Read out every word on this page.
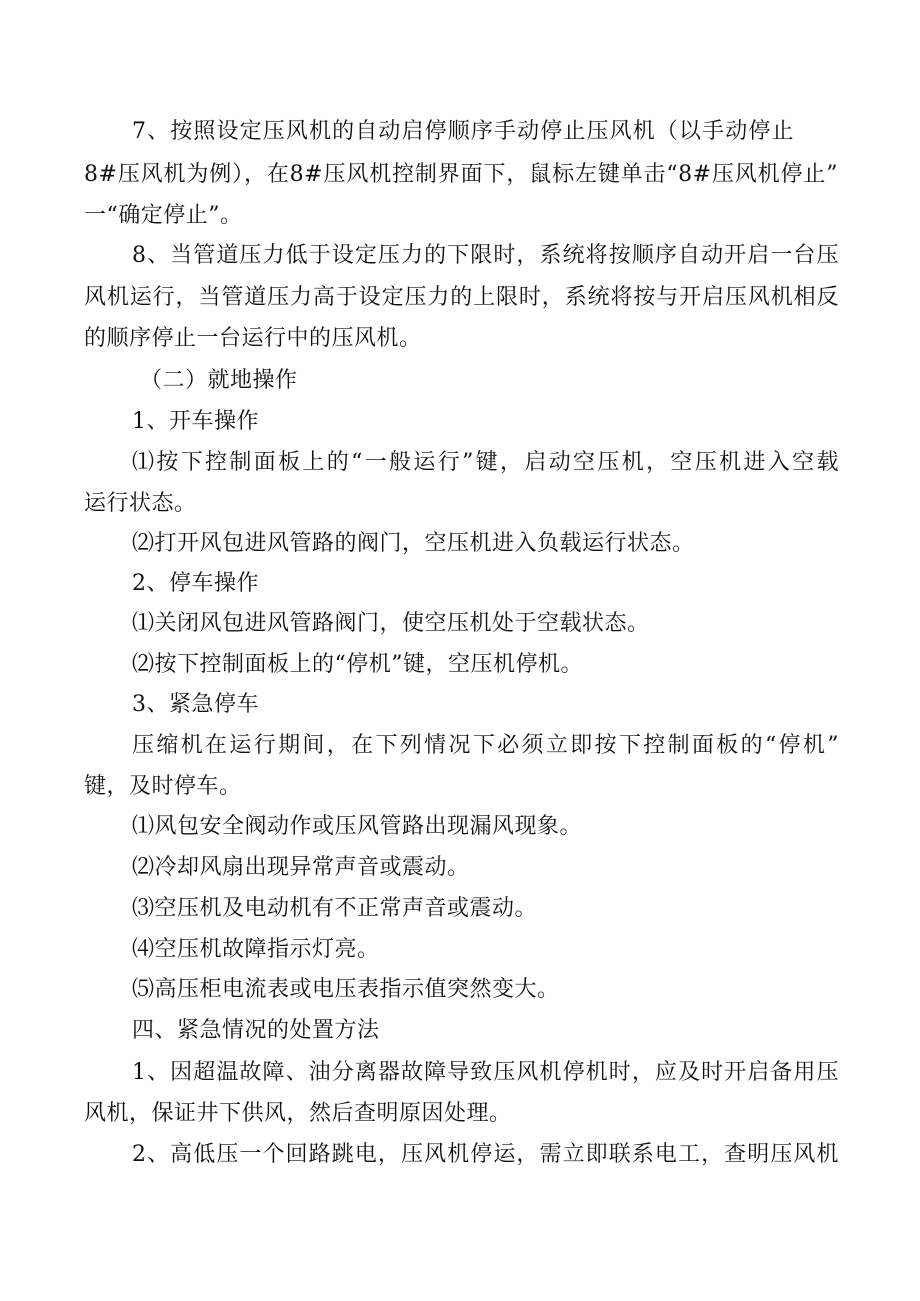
7、按照设定压风机的自动启停顺序手动停止压风机（以手动停止
8#压风机为例），在8#压风机控制界面下，鼠标左键单击“8#压风机停止”
一“确定停止”。
8、当管道压力低于设定压力的下限时，系统将按顺序自动开启一台压
风机运行，当管道压力高于设定压力的上限时，系统将按与开启压风机相反
的顺序停止一台运行中的压风机。
（二）就地操作
1、开车操作
⑴按下控制面板上的“一般运行”键，启动空压机，空压机进入空载
运行状态。
⑵打开风包进风管路的阀门，空压机进入负载运行状态。
2、停车操作
⑴关闭风包进风管路阀门，使空压机处于空载状态。
⑵按下控制面板上的“停机”键，空压机停机。
3、紧急停车
压缩机在运行期间，在下列情况下必须立即按下控制面板的“停机”
键，及时停车。
⑴风包安全阀动作或压风管路出现漏风现象。
⑵冷却风扇出现异常声音或震动。
⑶空压机及电动机有不正常声音或震动。
⑷空压机故障指示灯亮。
⑸高压柜电流表或电压表指示值突然变大。
四、紧急情况的处置方法
1、因超温故障、油分离器故障导致压风机停机时，应及时开启备用压
风机，保证井下供风，然后查明原因处理。
2、高低压一个回路跳电，压风机停运，需立即联系电工，查明压风机
